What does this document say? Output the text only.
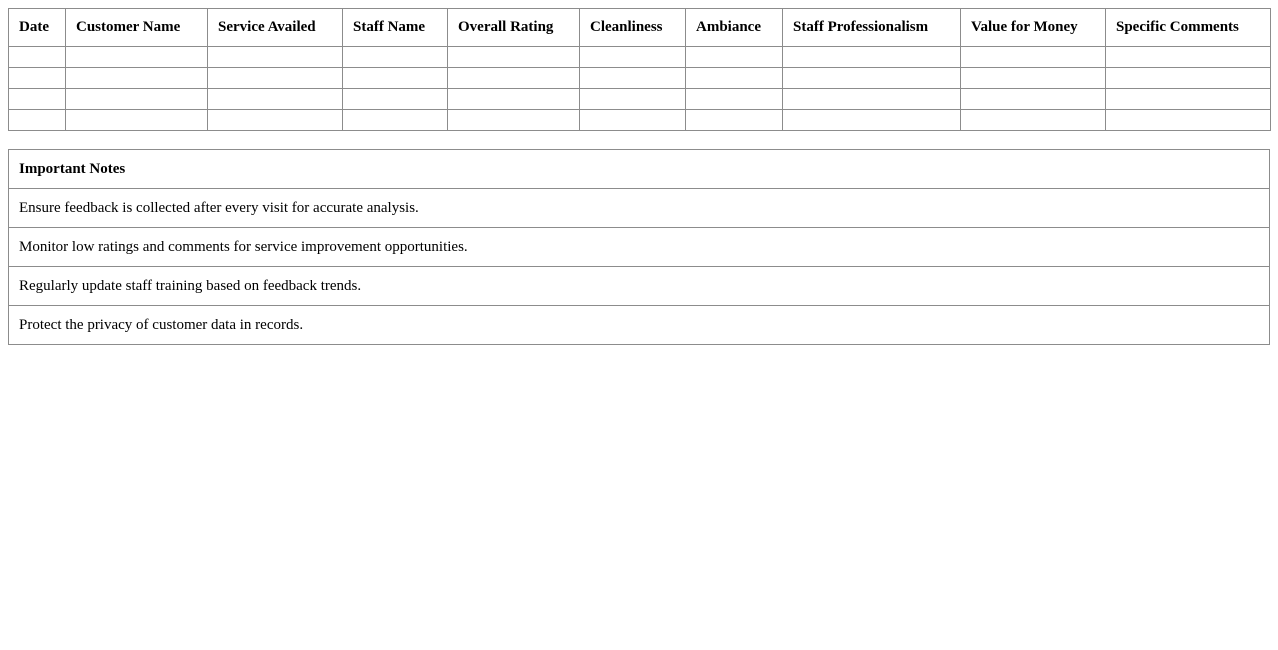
Date	Customer Name	Service Availed	Staff Name	Overall Rating	Cleanliness	Ambiance	Staff Professionalism	Value for Money	Specific Comments

Important Notes
Ensure feedback is collected after every visit for accurate analysis.
Monitor low ratings and comments for service improvement opportunities.
Regularly update staff training based on feedback trends.
Protect the privacy of customer data in records.
